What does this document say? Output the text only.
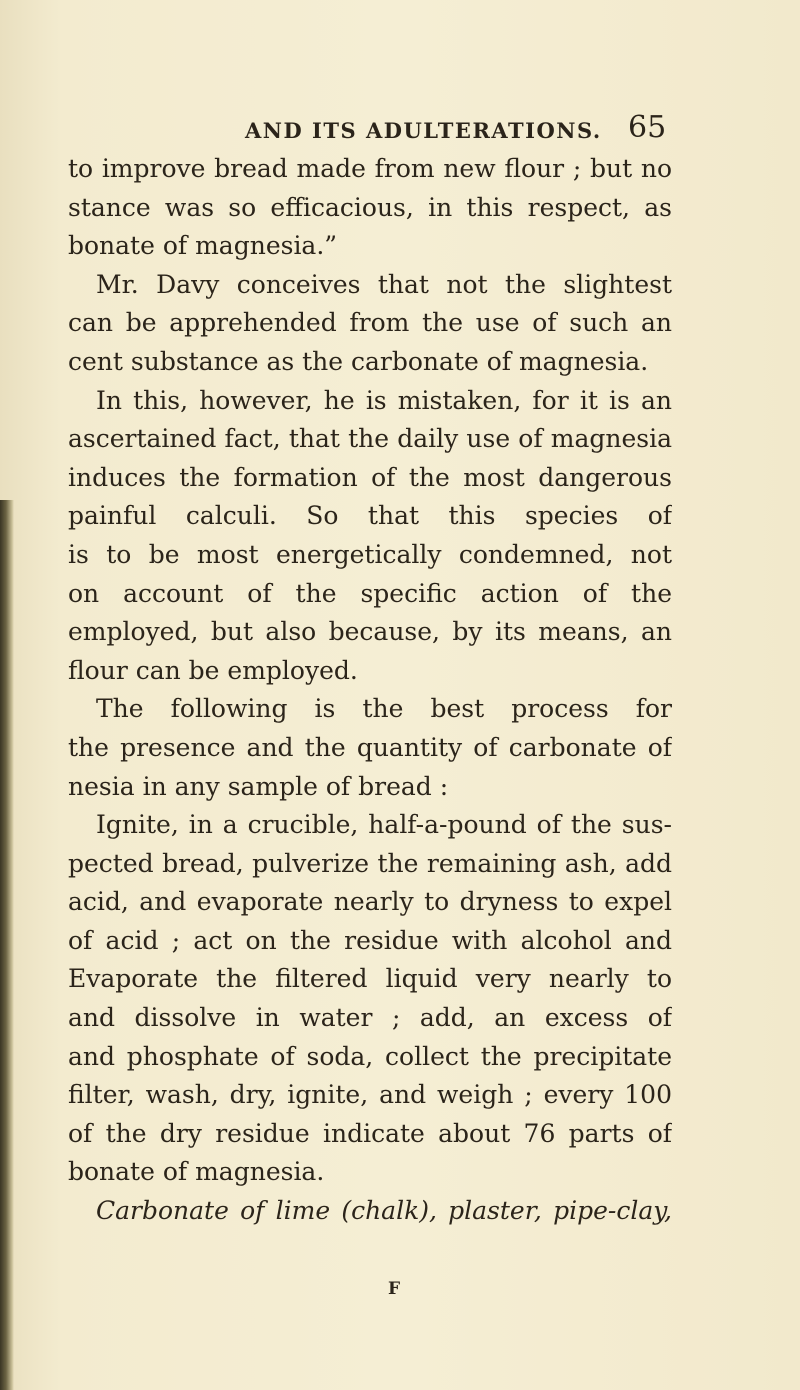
AND ITS ADULTERATIONS. 65
to improve bread made from new flour ; but no
stance was so efficacious, in this respect, as
bonate of magnesia.”
Mr. Davy conceives that not the slightest
can be apprehended from the use of such an
cent substance as the carbonate of magnesia.
In this, however, he is mistaken, for it is an
ascertained fact, that the daily use of magnesia
induces the formation of the most dangerous
painful calculi. So that this species of
is to be most energetically condemned, not
on account of the specific action of the
employed, but also because, by its means, an
flour can be employed.
The following is the best process for
the presence and the quantity of carbonate of
nesia in any sample of bread :
Ignite, in a crucible, half-a-pound of the sus-
pected bread, pulverize the remaining ash, add
acid, and evaporate nearly to dryness to expel
of acid ; act on the residue with alcohol and
Evaporate the filtered liquid very nearly to
and dissolve in water ; add, an excess of
and phosphate of soda, collect the precipitate
filter, wash, dry, ignite, and weigh ; every 100
of the dry residue indicate about 76 parts of
bonate of magnesia.
Carbonate of lime (chalk), plaster, pipe-clay,
F
